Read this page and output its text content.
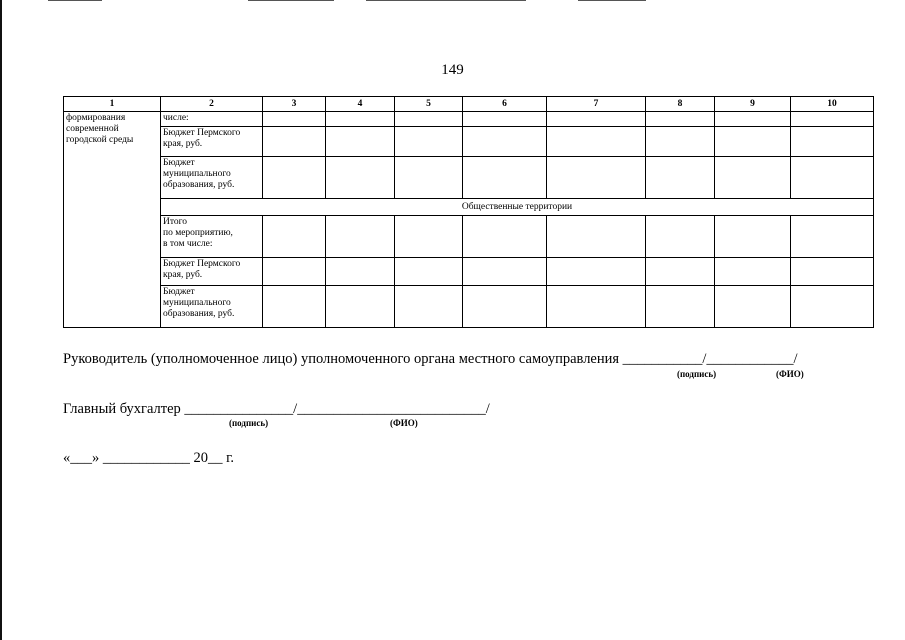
149
1	2	3	4	5	6	7	8	9	10
формирования
современной
городской среды	числе:								
	Бюджет Пермского
края, руб.								
	Бюджет
муниципального
образования, руб.								
	Общественные территории								
	Итого
по мероприятию,
в том числе:								
	Бюджет Пермского
края, руб.								
	Бюджет
муниципального
образования, руб.								
Руководитель (уполномоченное лицо) уполномоченного органа местного самоуправления ___________/____________/
(подпись)	(ФИО)
Главный бухгалтер _______________/__________________________/
(подпись)	(ФИО)
«___» ____________ 20__ г.
